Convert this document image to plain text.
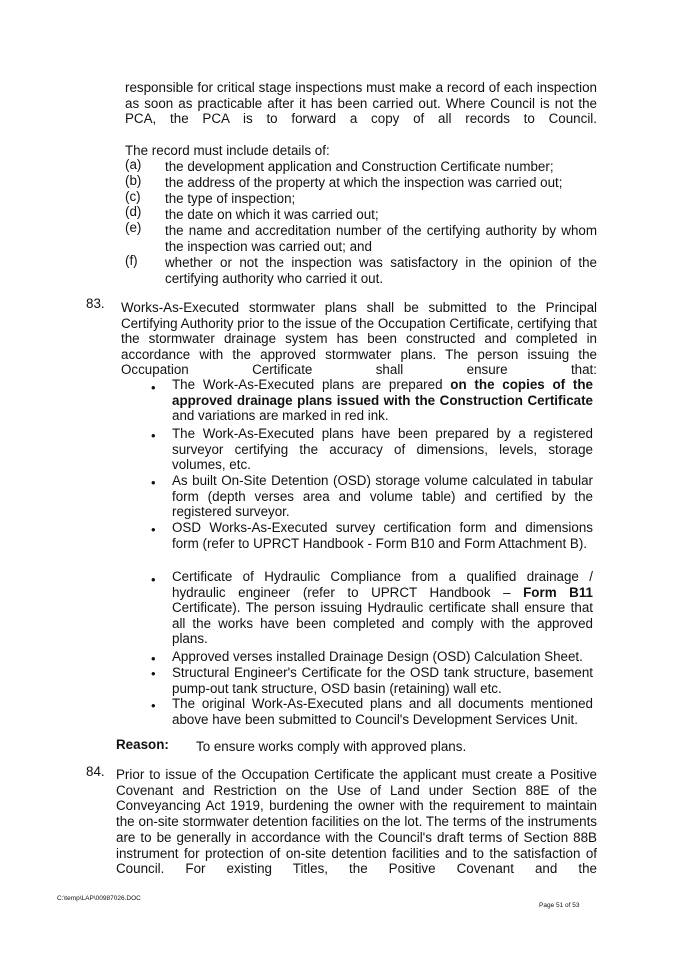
responsible for critical stage inspections must make a record of each inspection as soon as practicable after it has been carried out. Where Council is not the PCA, the PCA is to forward a copy of all records to Council.
The record must include details of:
(a) the development application and Construction Certificate number;
(b) the address of the property at which the inspection was carried out;
(c) the type of inspection;
(d) the date on which it was carried out;
(e) the name and accreditation number of the certifying authority by whom the inspection was carried out; and
(f) whether or not the inspection was satisfactory in the opinion of the certifying authority who carried it out.
83. Works-As-Executed stormwater plans shall be submitted to the Principal Certifying Authority prior to the issue of the Occupation Certificate, certifying that the stormwater drainage system has been constructed and completed in accordance with the approved stormwater plans. The person issuing the Occupation Certificate shall ensure that:
• The Work-As-Executed plans are prepared on the copies of the approved drainage plans issued with the Construction Certificate and variations are marked in red ink.
• The Work-As-Executed plans have been prepared by a registered surveyor certifying the accuracy of dimensions, levels, storage volumes, etc.
• As built On-Site Detention (OSD) storage volume calculated in tabular form (depth verses area and volume table) and certified by the registered surveyor.
• OSD Works-As-Executed survey certification form and dimensions form (refer to UPRCT Handbook - Form B10 and Form Attachment B).
• Certificate of Hydraulic Compliance from a qualified drainage / hydraulic engineer (refer to UPRCT Handbook – Form B11 Certificate). The person issuing Hydraulic certificate shall ensure that all the works have been completed and comply with the approved plans.
• Approved verses installed Drainage Design (OSD) Calculation Sheet.
• Structural Engineer's Certificate for the OSD tank structure, basement pump-out tank structure, OSD basin (retaining) wall etc.
• The original Work-As-Executed plans and all documents mentioned above have been submitted to Council's Development Services Unit.
Reason: To ensure works comply with approved plans.
84. Prior to issue of the Occupation Certificate the applicant must create a Positive Covenant and Restriction on the Use of Land under Section 88E of the Conveyancing Act 1919, burdening the owner with the requirement to maintain the on-site stormwater detention facilities on the lot. The terms of the instruments are to be generally in accordance with the Council's draft terms of Section 88B instrument for protection of on-site detention facilities and to the satisfaction of Council. For existing Titles, the Positive Covenant and the
C:\temp\LAP\00987026.DOC
Page 51 of 53
